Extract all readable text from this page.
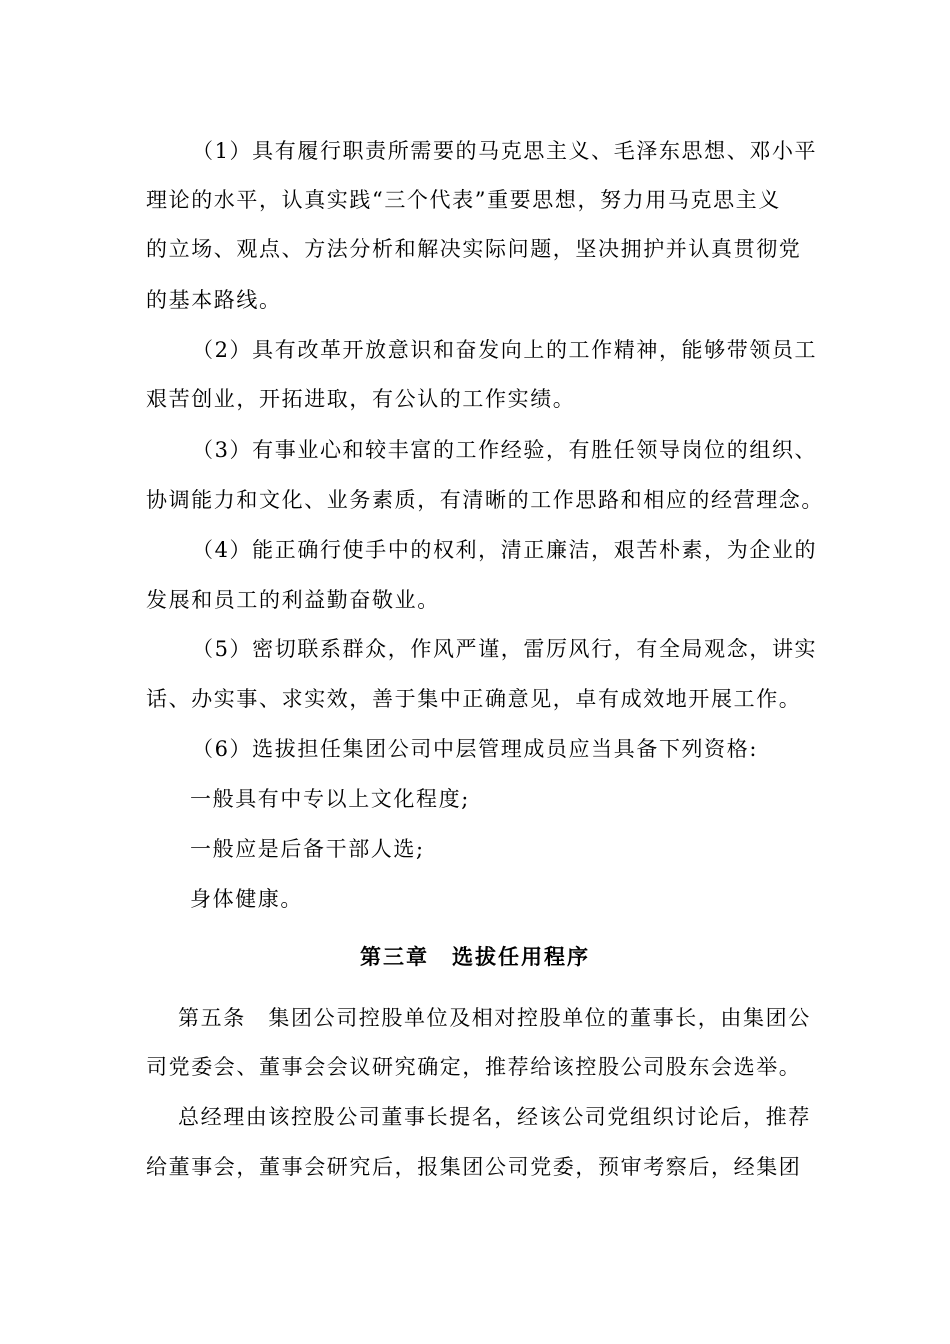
（1）具有履行职责所需要的马克思主义、毛泽东思想、邓小平
理论的水平，认真实践“三个代表”重要思想，努力用马克思主义
的立场、观点、方法分析和解决实际问题，坚决拥护并认真贯彻党
的基本路线。
（2）具有改革开放意识和奋发向上的工作精神，能够带领员工
艰苦创业，开拓进取，有公认的工作实绩。
（3）有事业心和较丰富的工作经验，有胜任领导岗位的组织、
协调能力和文化、业务素质，有清晰的工作思路和相应的经营理念。
（4）能正确行使手中的权利，清正廉洁，艰苦朴素，为企业的
发展和员工的利益勤奋敬业。
（5）密切联系群众，作风严谨，雷厉风行，有全局观念，讲实
话、办实事、求实效，善于集中正确意见，卓有成效地开展工作。
（6）选拔担任集团公司中层管理成员应当具备下列资格:
一般具有中专以上文化程度;
一般应是后备干部人选;
身体健康。
第三章　选拔任用程序
第五条　集团公司控股单位及相对控股单位的董事长，由集团公
司党委会、董事会会议研究确定，推荐给该控股公司股东会选举。
总经理由该控股公司董事长提名，经该公司党组织讨论后，推荐
给董事会，董事会研究后，报集团公司党委，预审考察后，经集团
